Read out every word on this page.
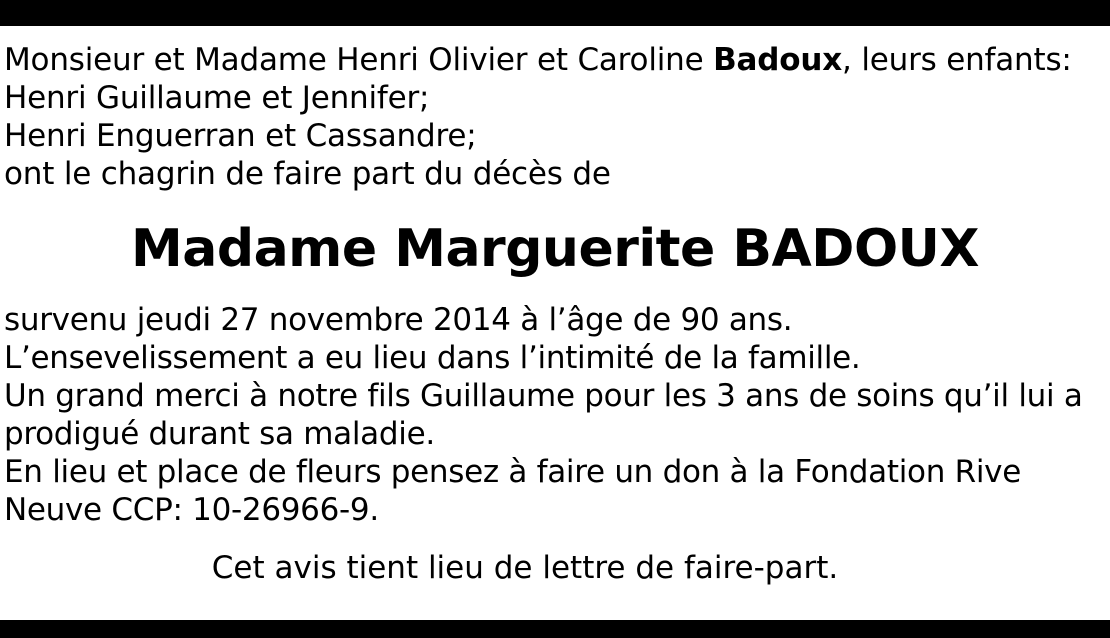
Monsieur et Madame Henri Olivier et Caroline Badoux, leurs enfants:
Henri Guillaume et Jennifer;
Henri Enguerran et Cassandre;
ont le chagrin de faire part du décès de
Madame Marguerite BADOUX
survenu jeudi 27 novembre 2014 à l’âge de 90 ans.
L’ensevelissement a eu lieu dans l’intimité de la famille.
Un grand merci à notre fils Guillaume pour les 3 ans de soins qu’il lui a prodigué durant sa maladie.
En lieu et place de fleurs pensez à faire un don à la Fondation Rive Neuve CCP: 10-26966-9.
Cet avis tient lieu de lettre de faire-part.
